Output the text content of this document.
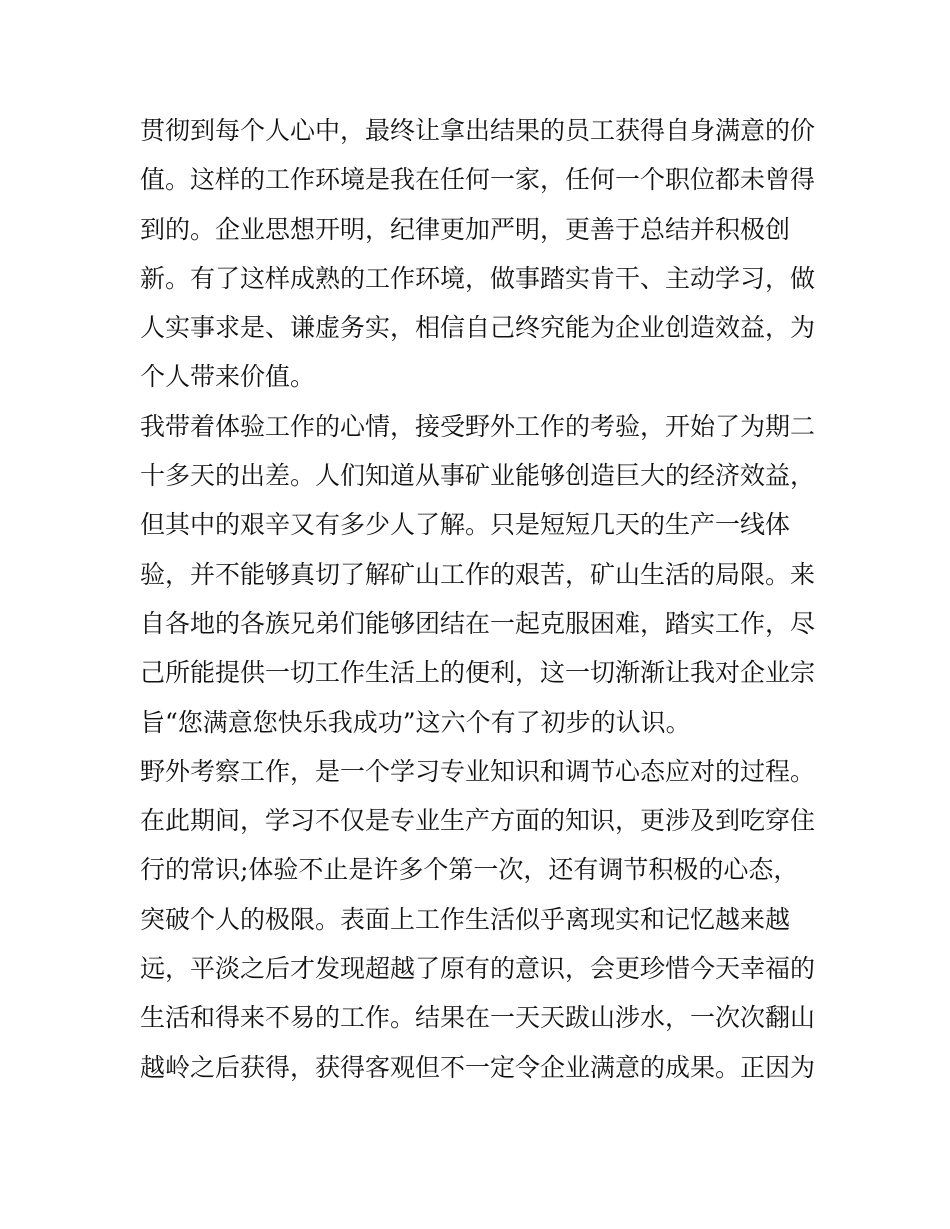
贯彻到每个人心中，最终让拿出结果的员工获得自身满意的价
值。这样的工作环境是我在任何一家，任何一个职位都未曾得
到的。企业思想开明，纪律更加严明，更善于总结并积极创
新。有了这样成熟的工作环境，做事踏实肯干、主动学习，做
人实事求是、谦虚务实，相信自己终究能为企业创造效益，为
个人带来价值。
我带着体验工作的心情，接受野外工作的考验，开始了为期二
十多天的出差。人们知道从事矿业能够创造巨大的经济效益，
但其中的艰辛又有多少人了解。只是短短几天的生产一线体
验，并不能够真切了解矿山工作的艰苦，矿山生活的局限。来
自各地的各族兄弟们能够团结在一起克服困难，踏实工作，尽
己所能提供一切工作生活上的便利，这一切渐渐让我对企业宗
旨“您满意您快乐我成功”这六个有了初步的认识。
野外考察工作，是一个学习专业知识和调节心态应对的过程。
在此期间，学习不仅是专业生产方面的知识，更涉及到吃穿住
行的常识;体验不止是许多个第一次，还有调节积极的心态，
突破个人的极限。表面上工作生活似乎离现实和记忆越来越
远，平淡之后才发现超越了原有的意识，会更珍惜今天幸福的
生活和得来不易的工作。结果在一天天跋山涉水，一次次翻山
越岭之后获得，获得客观但不一定令企业满意的成果。正因为
